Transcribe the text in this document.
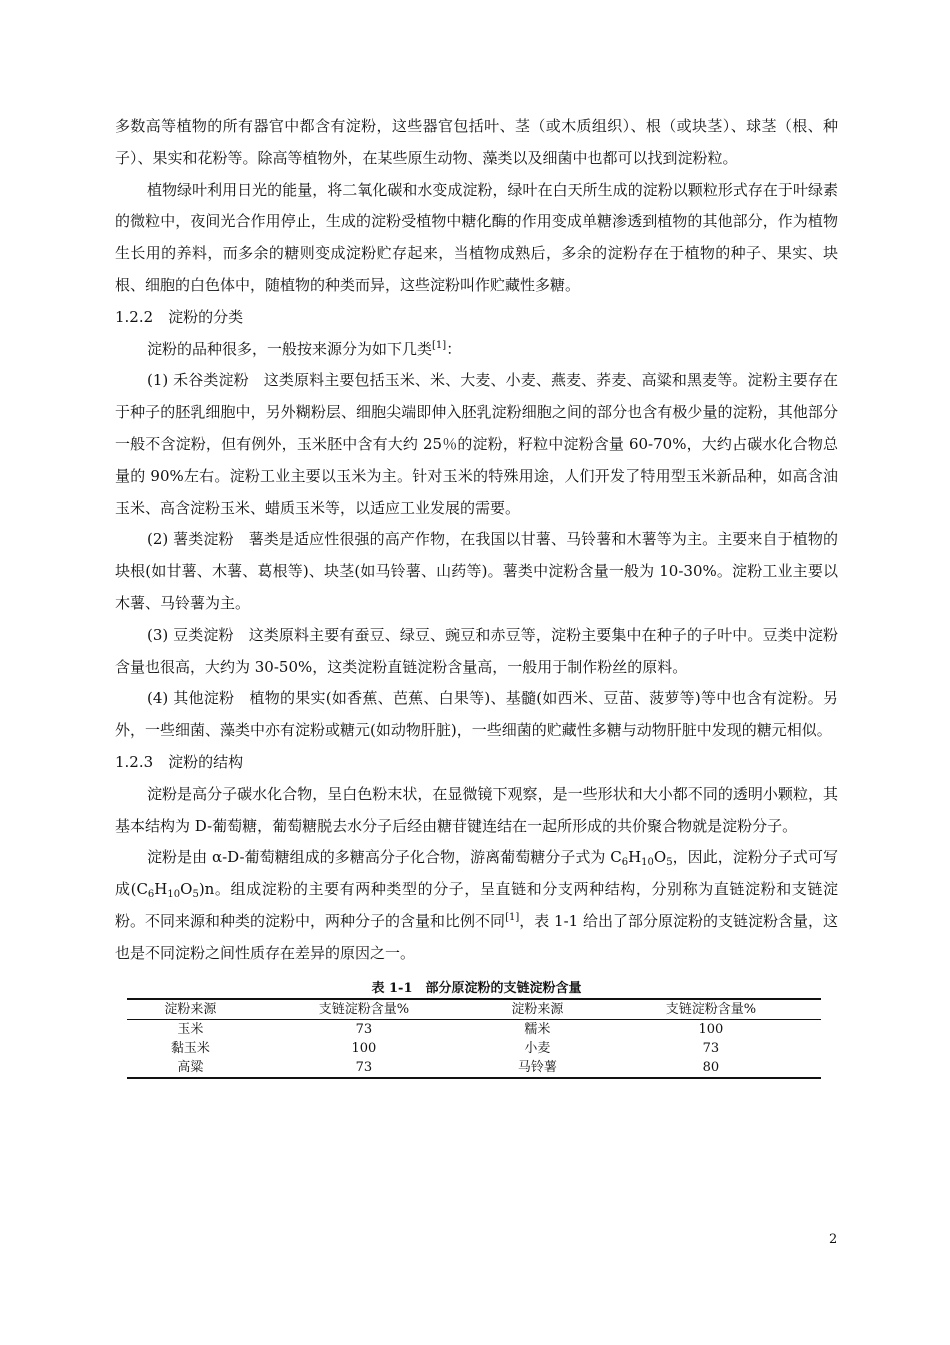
多数高等植物的所有器官中都含有淀粉，这些器官包括叶、茎（或木质组织）、根（或块茎）、球茎（根、种子）、果实和花粉等。除高等植物外，在某些原生动物、藻类以及细菌中也都可以找到淀粉粒。

植物绿叶利用日光的能量，将二氧化碳和水变成淀粉，绿叶在白天所生成的淀粉以颗粒形式存在于叶绿素的微粒中，夜间光合作用停止，生成的淀粉受植物中糖化酶的作用变成单糖渗透到植物的其他部分，作为植物生长用的养料，而多余的糖则变成淀粉贮存起来，当植物成熟后，多余的淀粉存在于植物的种子、果实、块根、细胞的白色体中，随植物的种类而异，这些淀粉叫作贮藏性多糖。

1.2.2　淀粉的分类

淀粉的品种很多，一般按来源分为如下几类[1]：

(1) 禾谷类淀粉　这类原料主要包括玉米、米、大麦、小麦、燕麦、荞麦、高粱和黑麦等。淀粉主要存在于种子的胚乳细胞中，另外糊粉层、细胞尖端即伸入胚乳淀粉细胞之间的部分也含有极少量的淀粉，其他部分一般不含淀粉，但有例外，玉米胚中含有大约 25％的淀粉，籽粒中淀粉含量 60-70%，大约占碳水化合物总量的 90%左右。淀粉工业主要以玉米为主。针对玉米的特殊用途，人们开发了特用型玉米新品种，如高含油玉米、高含淀粉玉米、蜡质玉米等，以适应工业发展的需要。

(2) 薯类淀粉　薯类是适应性很强的高产作物，在我国以甘薯、马铃薯和木薯等为主。主要来自于植物的块根(如甘薯、木薯、葛根等)、块茎(如马铃薯、山药等)。薯类中淀粉含量一般为 10-30%。淀粉工业主要以木薯、马铃薯为主。

(3) 豆类淀粉　这类原料主要有蚕豆、绿豆、豌豆和赤豆等，淀粉主要集中在种子的子叶中。豆类中淀粉含量也很高，大约为 30-50%，这类淀粉直链淀粉含量高，一般用于制作粉丝的原料。

(4) 其他淀粉　植物的果实(如香蕉、芭蕉、白果等)、基髓(如西米、豆苗、菠萝等)等中也含有淀粉。另外，一些细菌、藻类中亦有淀粉或糖元(如动物肝脏)，一些细菌的贮藏性多糖与动物肝脏中发现的糖元相似。

1.2.3　淀粉的结构

淀粉是高分子碳水化合物，呈白色粉末状，在显微镜下观察，是一些形状和大小都不同的透明小颗粒，其基本结构为 D-葡萄糖，葡萄糖脱去水分子后经由糖苷键连结在一起所形成的共价聚合物就是淀粉分子。

淀粉是由 α-D-葡萄糖组成的多糖高分子化合物，游离葡萄糖分子式为 $C_6H_{10}O_5$，因此，淀粉分子式可写成$(C_6H_{10}O_5)n$。组成淀粉的主要有两种类型的分子，呈直链和分支两种结构，分别称为直链淀粉和支链淀粉。不同来源和种类的淀粉中，两种分子的含量和比例不同[1]，表 1-1 给出了部分原淀粉的支链淀粉含量，这也是不同淀粉之间性质存在差异的原因之一。

表 1-1　部分原淀粉的支链淀粉含量
淀粉来源	支链淀粉含量%	淀粉来源	支链淀粉含量%
玉米	73	糯米	100
黏玉米	100	小麦	73
高粱	73	马铃薯	80
2
